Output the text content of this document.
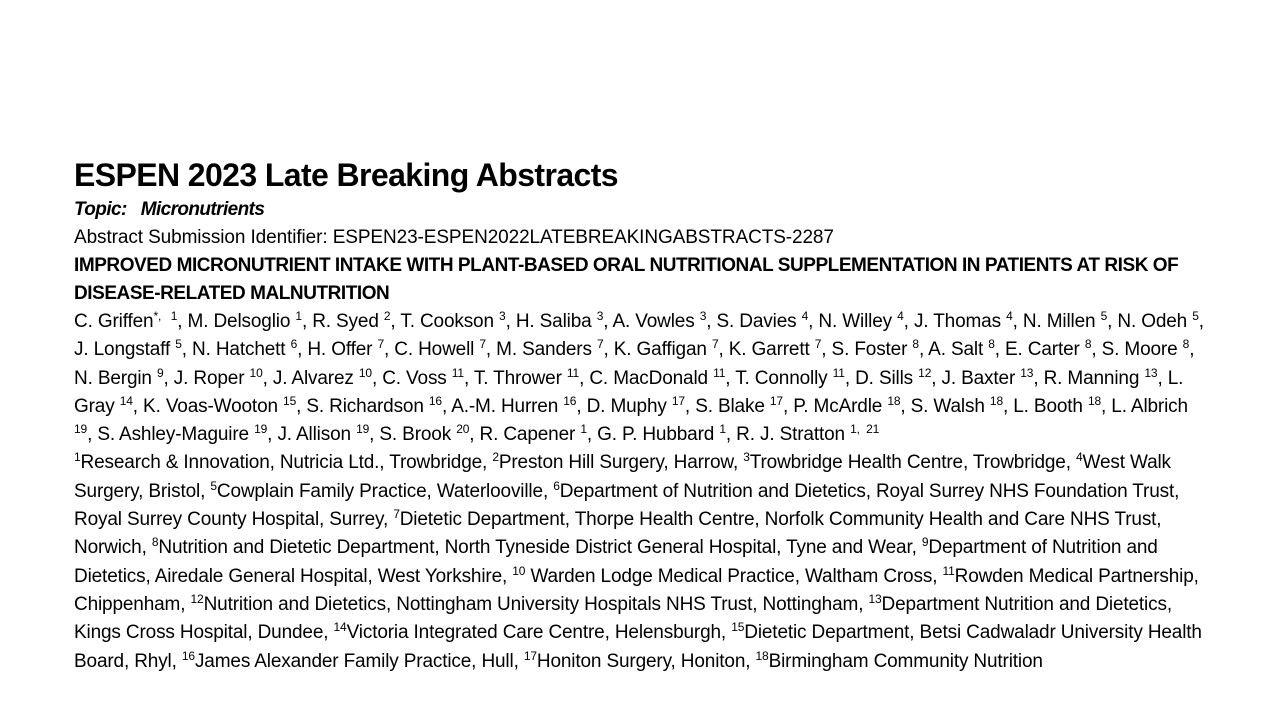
ESPEN 2023 Late Breaking Abstracts

Topic: Micronutrients

Abstract Submission Identifier: ESPEN23-ESPEN2022LATEBREAKINGABSTRACTS-2287

IMPROVED MICRONUTRIENT INTAKE WITH PLANT-BASED ORAL NUTRITIONAL SUPPLEMENTATION IN PATIENTS AT RISK OF DISEASE-RELATED MALNUTRITION

C. Griffen$^{*, 1}$, M. Delsoglio $^1$, R. Syed $^2$, T. Cookson $^3$, H. Saliba $^3$, A. Vowles $^3$, S. Davies $^4$, N. Willey $^4$, J. Thomas $^4$, N. Millen $^5$, N. Odeh $^5$, J. Longstaff $^5$, N. Hatchett $^6$, H. Offer $^7$, C. Howell $^7$, M. Sanders $^7$, K. Gaffigan $^7$, K. Garrett $^7$, S. Foster $^8$, A. Salt $^8$, E. Carter $^8$, S. Moore $^8$, N. Bergin $^9$, J. Roper $^{10}$, J. Alvarez $^{10}$, C. Voss $^{11}$, T. Thrower $^{11}$, C. MacDonald $^{11}$, T. Connolly $^{11}$, D. Sills $^{12}$, J. Baxter $^{13}$, R. Manning $^{13}$, L. Gray $^{14}$, K. Voas-Wooton $^{15}$, S. Richardson $^{16}$, A.-M. Hurren $^{16}$, D. Muphy $^{17}$, S. Blake $^{17}$, P. McArdle $^{18}$, S. Walsh $^{18}$, L. Booth $^{18}$, L. Albrich $^{19}$, S. Ashley-Maguire $^{19}$, J. Allison $^{19}$, S. Brook $^{20}$, R. Capener $^1$, G. P. Hubbard $^1$, R. J. Stratton $^{1, 21}$

$^1$Research & Innovation, Nutricia Ltd., Trowbridge, $^2$Preston Hill Surgery, Harrow, $^3$Trowbridge Health Centre, Trowbridge, $^4$West Walk Surgery, Bristol, $^5$Cowplain Family Practice, Waterlooville, $^6$Department of Nutrition and Dietetics, Royal Surrey NHS Foundation Trust, Royal Surrey County Hospital, Surrey, $^7$Dietetic Department, Thorpe Health Centre, Norfolk Community Health and Care NHS Trust, Norwich, $^8$Nutrition and Dietetic Department, North Tyneside District General Hospital, Tyne and Wear, $^9$Department of Nutrition and Dietetics, Airedale General Hospital, West Yorkshire, $^{10}$ Warden Lodge Medical Practice, Waltham Cross, $^{11}$Rowden Medical Partnership, Chippenham, $^{12}$Nutrition and Dietetics, Nottingham University Hospitals NHS Trust, Nottingham, $^{13}$Department Nutrition and Dietetics, Kings Cross Hospital, Dundee, $^{14}$Victoria Integrated Care Centre, Helensburgh, $^{15}$Dietetic Department, Betsi Cadwaladr University Health Board, Rhyl, $^{16}$James Alexander Family Practice, Hull, $^{17}$Honiton Surgery, Honiton, $^{18}$Birmingham Community Nutrition
